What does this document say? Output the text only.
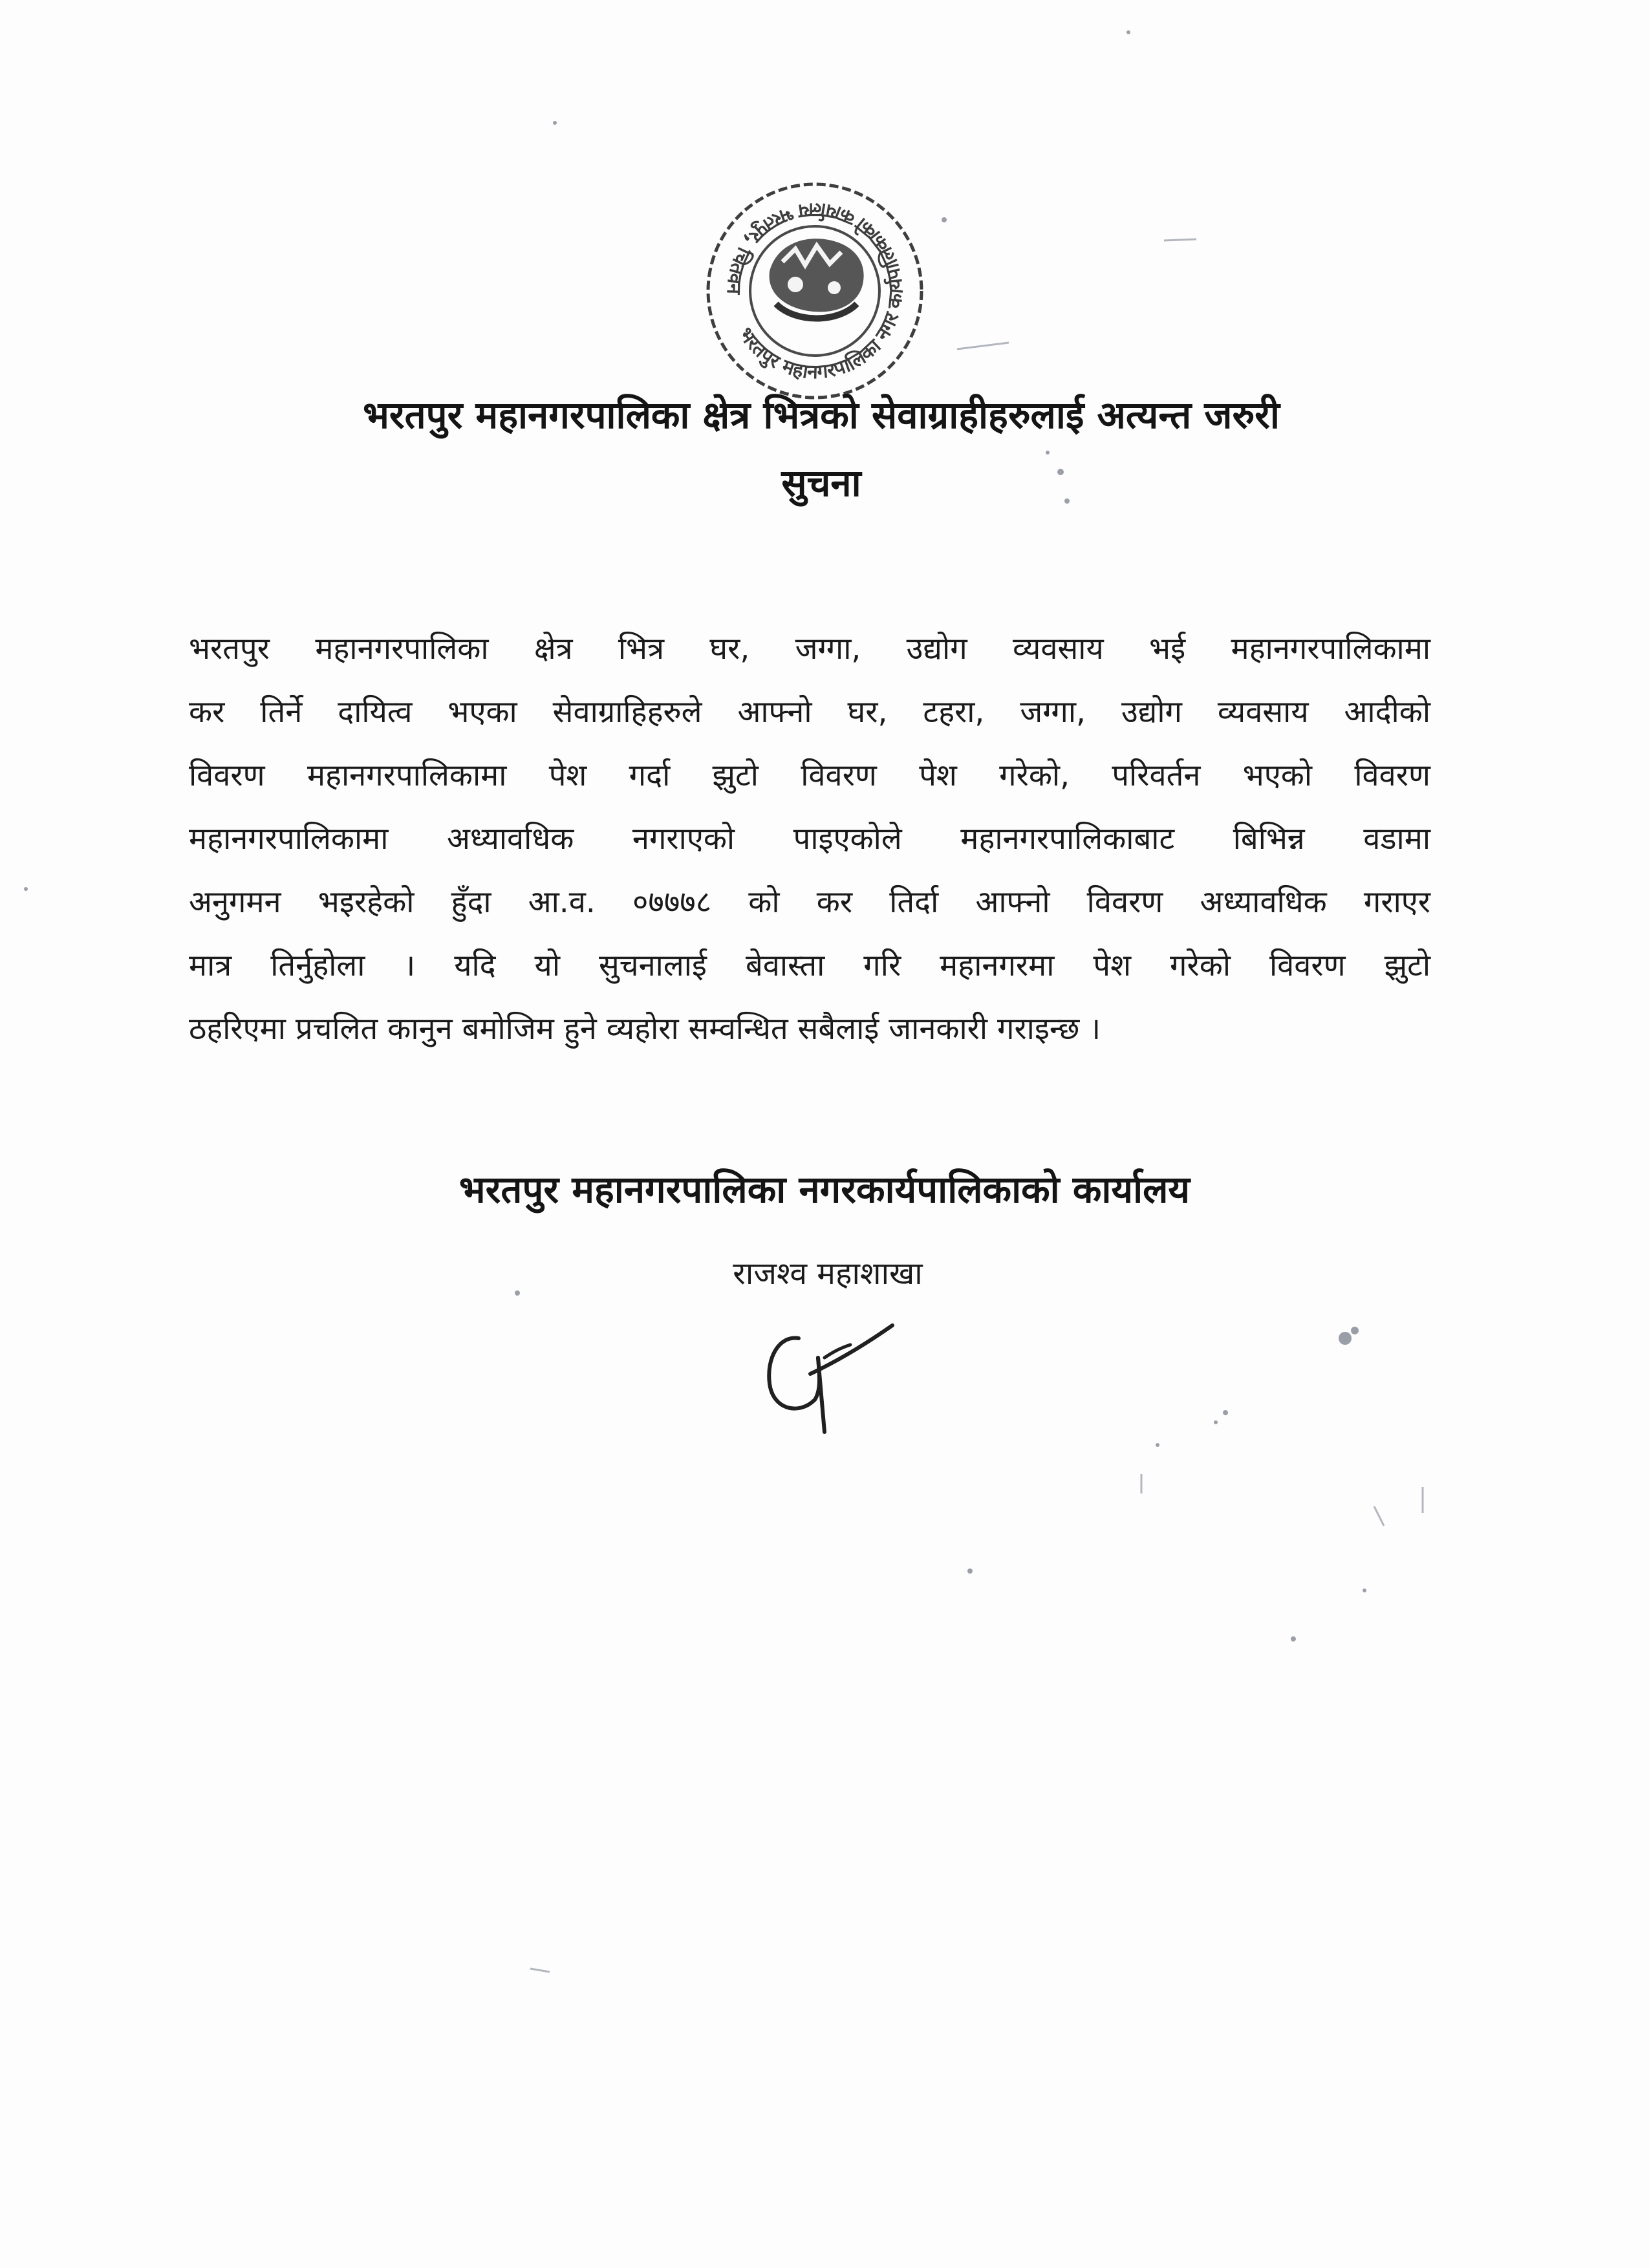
भरतपुर महानगरपालिका नगर कार्यपालिकाको कार्यालय भरतपुर, चितवन
भरतपुर महानगरपालिका क्षेत्र भित्रको सेवाग्राहीहरुलाई अत्यन्त जरुरी
सुचना
भरतपुर महानगरपालिका क्षेत्र भित्र घर, जग्गा, उद्योग व्यवसाय भई महानगरपालिकामा
कर तिर्ने दायित्व भएका सेवाग्राहिहरुले आफ्नो घर, टहरा, जग्गा, उद्योग व्यवसाय आदीको
विवरण महानगरपालिकामा पेश गर्दा झुटो विवरण पेश गरेको, परिवर्तन भएको विवरण
महानगरपालिकामा अध्यावधिक नगराएको पाइएकोले महानगरपालिकाबाट बिभिन्न वडामा
अनुगमन भइरहेको हुँदा आ.व. ०७७७८ को कर तिर्दा आफ्नो विवरण अध्यावधिक गराएर
मात्र तिर्नुहोला । यदि यो सुचनालाई बेवास्ता गरि महानगरमा पेश गरेको विवरण झुटो
ठहरिएमा प्रचलित कानुन बमोजिम हुने व्यहोरा सम्वन्धित सबैलाई जानकारी गराइन्छ ।
भरतपुर महानगरपालिका नगरकार्यपालिकाको कार्यालय
राजश्व महाशाखा
